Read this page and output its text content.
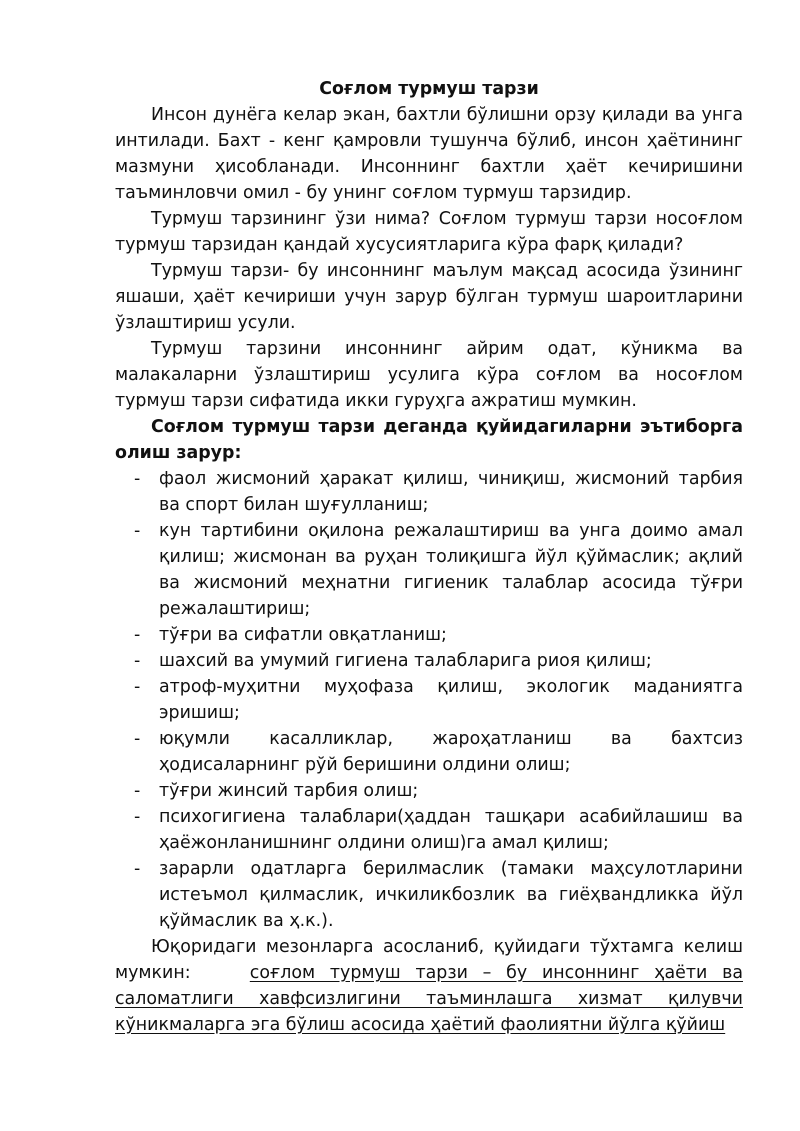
Соғлом турмуш тарзи

Инсон дунёга келар экан, бахтли бўлишни орзу қилади ва унга интилади. Бахт - кенг қамровли тушунча бўлиб, инсон ҳаётининг мазмуни ҳисобланади. Инсоннинг бахтли ҳаёт кечиришини таъминловчи омил - бу унинг соғлом турмуш тарзидир.

Турмуш тарзининг ўзи нима? Соғлом турмуш тарзи носоғлом турмуш тарзидан қандай хусусиятларига кўра фарқ қилади?

Турмуш тарзи- бу инсоннинг маълум мақсад асосида ўзининг яшаши, ҳаёт кечириши учун зарур бўлган турмуш шароитларини ўзлаштириш усули.

Турмуш тарзини инсоннинг айрим одат, кўникма ва малакаларни ўзлаштириш усулига кўра соғлом ва носоғлом турмуш тарзи сифатида икки гуруҳга ажратиш мумкин.

Соғлом турмуш тарзи деганда қуйидагиларни эътиборга олиш зарур:

- фаол жисмоний ҳаракат қилиш, чиниқиш, жисмоний тарбия ва спорт билан шуғулланиш;
- кун тартибини оқилона режалаштириш ва унга доимо амал қилиш; жисмонан ва руҳан толиқишга йўл қўймаслик; ақлий ва жисмоний меҳнатни гигиеник талаблар асосида тўғри режалаштириш;
- тўғри ва сифатли овқатланиш;
- шахсий ва умумий гигиена талабларига риоя қилиш;
- атроф-муҳитни муҳофаза қилиш, экологик маданиятга эришиш;
- юқумли касалликлар, жароҳатланиш ва бахтсиз ҳодисаларнинг рўй беришини олдини олиш;
- тўғри жинсий тарбия олиш;
- психогигиена талаблари(ҳаддан ташқари асабийлашиш ва ҳаёжонланишнинг олдини олиш)га амал қилиш;
- зарарли одатларга берилмаслик (тамаки маҳсулотларини истеъмол қилмаслик, ичкиликбозлик ва гиёҳвандликка йўл қўймаслик ва ҳ.к.).

Юқоридаги мезонларга асосланиб, қуйидаги тўхтамга келиш мумкин:	соғлом турмуш тарзи – бу инсоннинг ҳаёти ва саломатлиги хавфсизлигини таъминлашга хизмат қилувчи кўникмаларга эга бўлиш асосида ҳаётий фаолиятни йўлга қўйиш
